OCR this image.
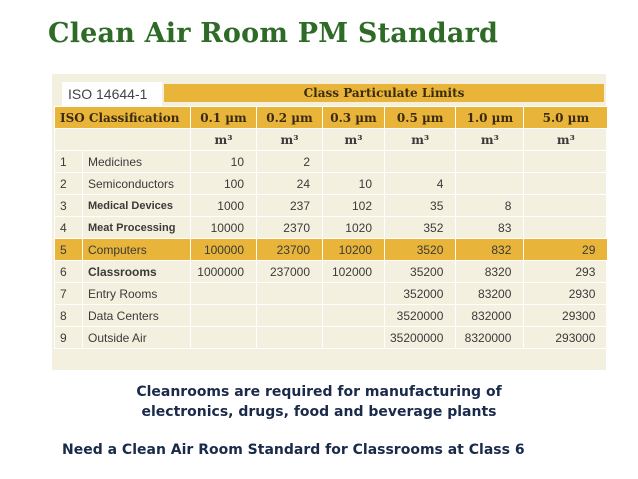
Clean Air Room PM Standard
ISO 14644-1	Class Particulate Limits
ISO Classification		0.1 µm	0.2 µm	0.3 µm	0.5 µm	1.0 µm	5.0 µm
		m³	m³	m³	m³	m³	m³
1	Medicines	10	2				
2	Semiconductors	100	24	10	4		
3	Medical Devices	1000	237	102	35	8	
4	Meat Processing	10000	2370	1020	352	83	
5	Computers	100000	23700	10200	3520	832	29
6	Classrooms	1000000	237000	102000	35200	8320	293
7	Entry Rooms				352000	83200	2930
8	Data Centers				3520000	832000	29300
9	Outside Air				35200000	8320000	293000
Cleanrooms are required for manufacturing of
electronics, drugs, food and beverage plants
Need a Clean Air Room Standard for Classrooms at Class 6
